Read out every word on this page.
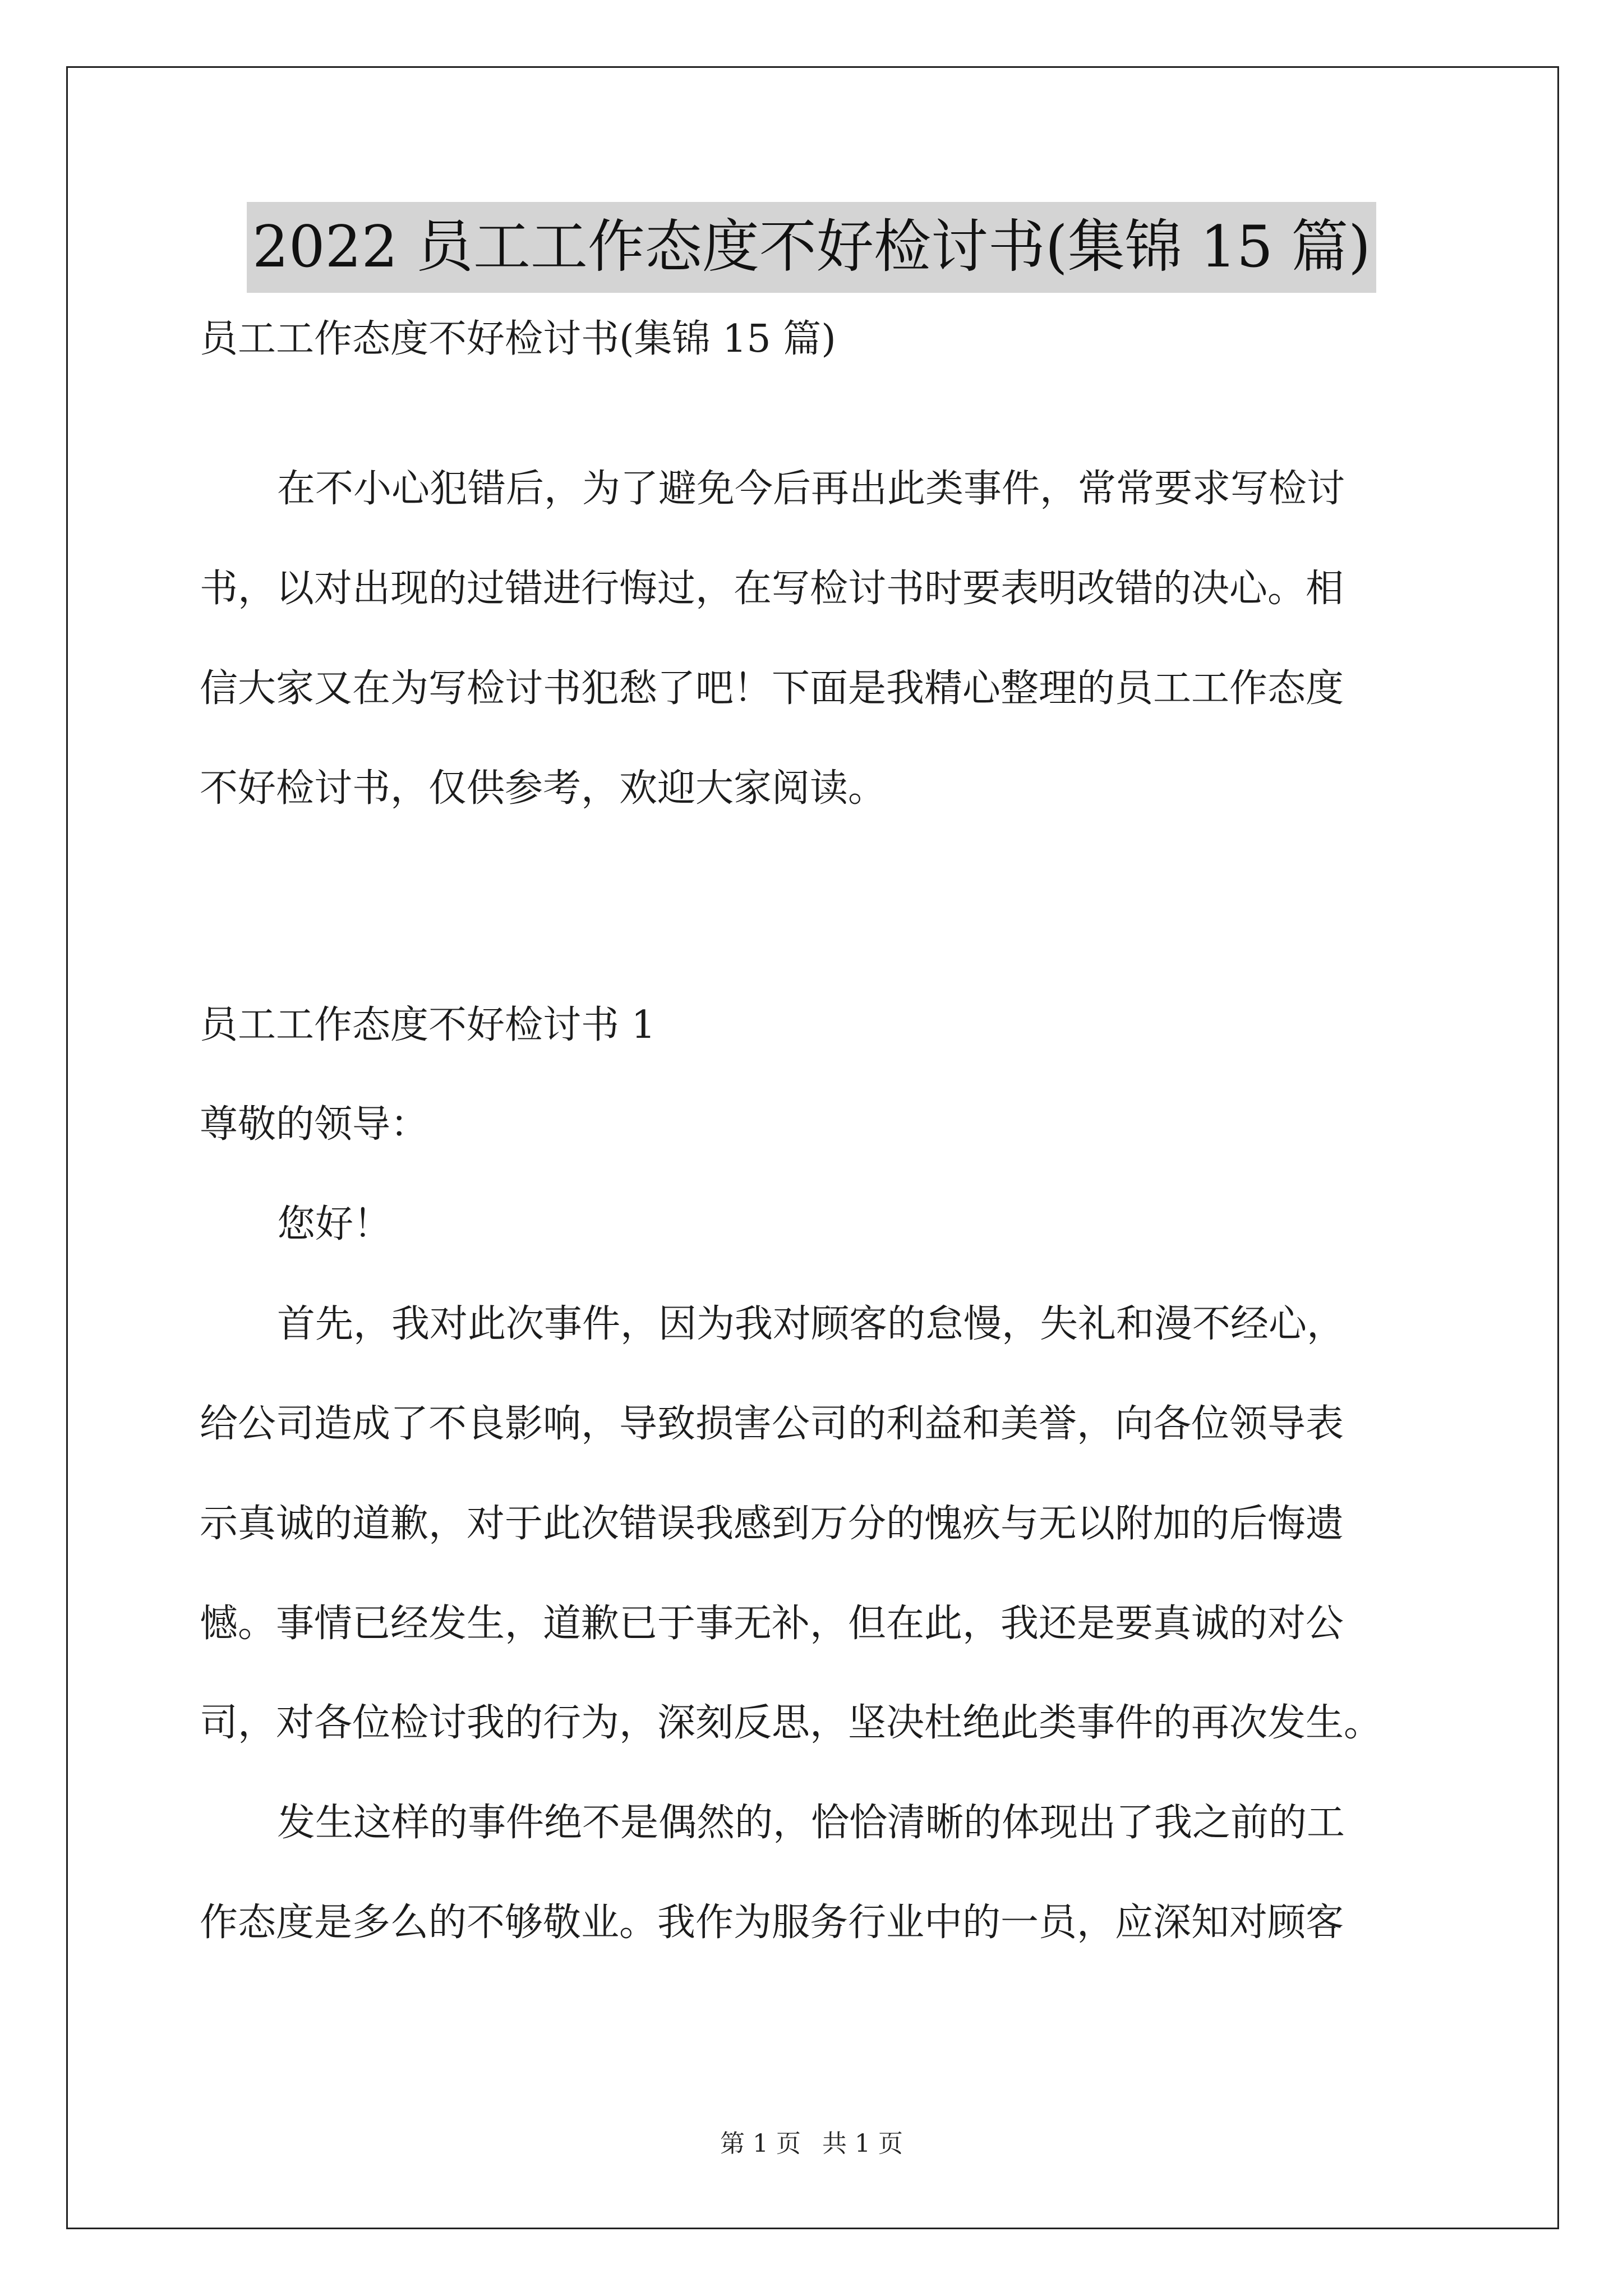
2022 员工工作态度不好检讨书(集锦 15 篇)
员工工作态度不好检讨书(集锦 15 篇)
在不小心犯错后，为了避免今后再出此类事件，常常要求写检讨
书，以对出现的过错进行悔过，在写检讨书时要表明改错的决心。相
信大家又在为写检讨书犯愁了吧！下面是我精心整理的员工工作态度
不好检讨书，仅供参考，欢迎大家阅读。
员工工作态度不好检讨书 1
尊敬的领导：
您好！
首先，我对此次事件，因为我对顾客的怠慢，失礼和漫不经心，
给公司造成了不良影响，导致损害公司的利益和美誉，向各位领导表
示真诚的道歉，对于此次错误我感到万分的愧疚与无以附加的后悔遗
憾。事情已经发生，道歉已于事无补，但在此，我还是要真诚的对公
司，对各位检讨我的行为，深刻反思，坚决杜绝此类事件的再次发生。
发生这样的事件绝不是偶然的，恰恰清晰的体现出了我之前的工
作态度是多么的不够敬业。我作为服务行业中的一员，应深知对顾客
第 1 页 共 1 页
